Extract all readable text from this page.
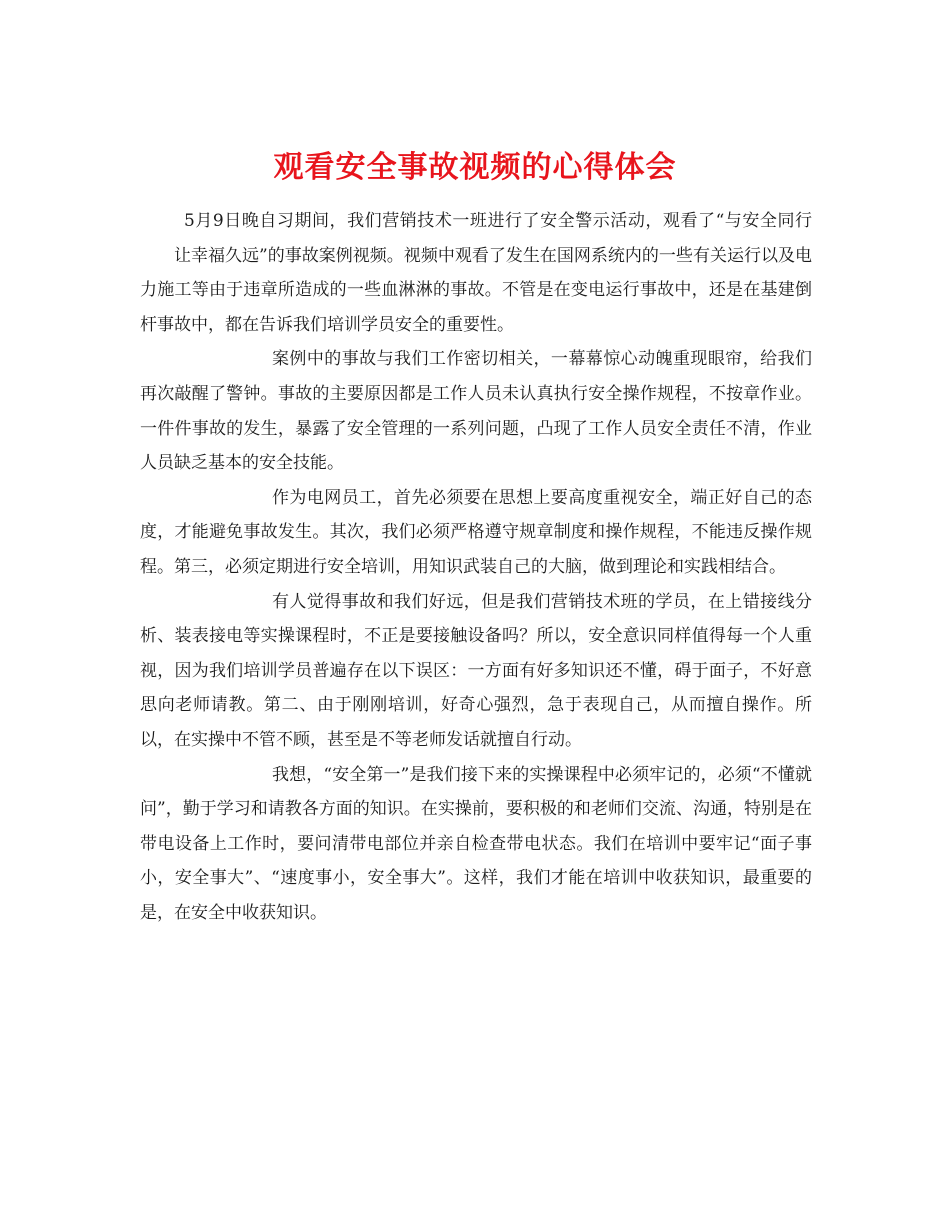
观看安全事故视频的心得体会

5月9日晚自习期间，我们营销技术一班进行了安全警示活动，观看了“与安全同行让幸福久远”的事故案例视频。视频中观看了发生在国网系统内的一些有关运行以及电力施工等由于违章所造成的一些血淋淋的事故。不管是在变电运行事故中，还是在基建倒杆事故中，都在告诉我们培训学员安全的重要性。

案例中的事故与我们工作密切相关，一幕幕惊心动魄重现眼帘，给我们再次敲醒了警钟。事故的主要原因都是工作人员未认真执行安全操作规程，不按章作业。一件件事故的发生，暴露了安全管理的一系列问题，凸现了工作人员安全责任不清，作业人员缺乏基本的安全技能。

作为电网员工，首先必须要在思想上要高度重视安全，端正好自己的态度，才能避免事故发生。其次，我们必须严格遵守规章制度和操作规程，不能违反操作规程。第三，必须定期进行安全培训，用知识武装自己的大脑，做到理论和实践相结合。

有人觉得事故和我们好远，但是我们营销技术班的学员，在上错接线分析、装表接电等实操课程时，不正是要接触设备吗？所以，安全意识同样值得每一个人重视，因为我们培训学员普遍存在以下误区：一方面有好多知识还不懂，碍于面子，不好意思向老师请教。第二、由于刚刚培训，好奇心强烈，急于表现自己，从而擅自操作。所以，在实操中不管不顾，甚至是不等老师发话就擅自行动。

我想，“安全第一”是我们接下来的实操课程中必须牢记的，必须“不懂就问”，勤于学习和请教各方面的知识。在实操前，要积极的和老师们交流、沟通，特别是在带电设备上工作时，要问清带电部位并亲自检查带电状态。我们在培训中要牢记“面子事小，安全事大”、“速度事小，安全事大”。这样，我们才能在培训中收获知识，最重要的是，在安全中收获知识。
